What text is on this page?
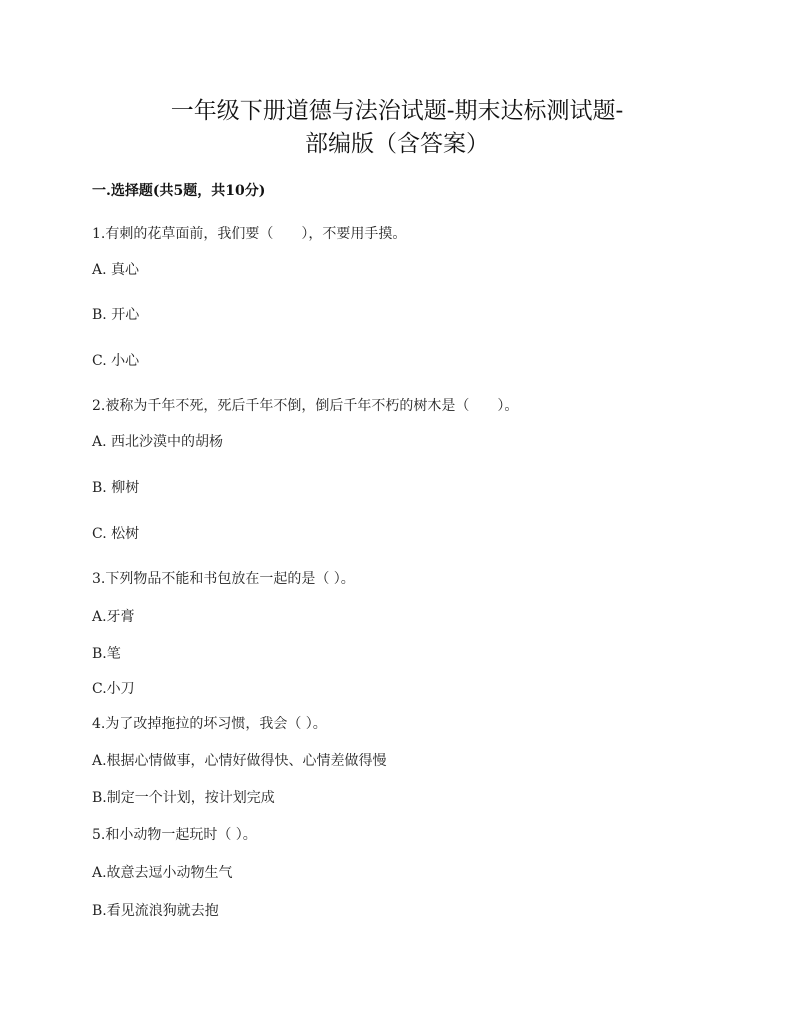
一年级下册道德与法治试题-期末达标测试题-
部编版（含答案）
一.选择题(共5题，共10分)
1.有刺的花草面前，我们要（　　），不要用手摸。
A. 真心
B. 开心
C. 小心
2.被称为千年不死，死后千年不倒，倒后千年不朽的树木是（　　）。
A. 西北沙漠中的胡杨
B. 柳树
C. 松树
3.下列物品不能和书包放在一起的是（ ）。
A.牙膏
B.笔
C.小刀
4.为了改掉拖拉的坏习惯，我会（ ）。
A.根据心情做事，心情好做得快、心情差做得慢
B.制定一个计划，按计划完成
5.和小动物一起玩时（ ）。
A.故意去逗小动物生气
B.看见流浪狗就去抱
